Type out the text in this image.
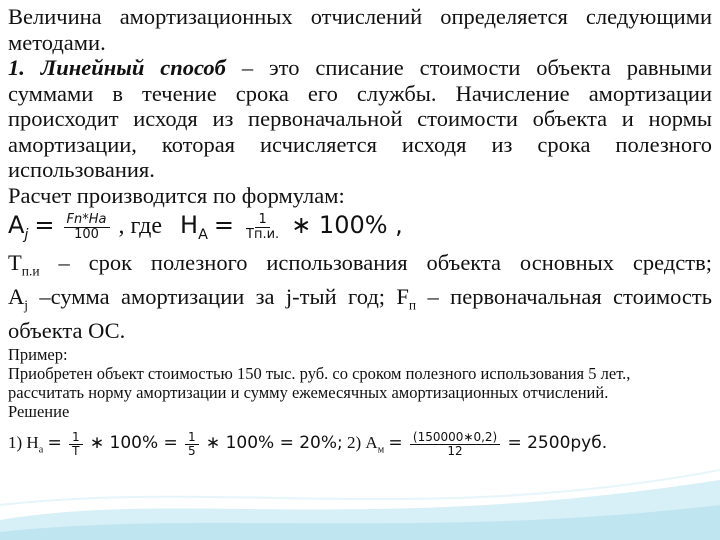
Величина амортизационных отчислений определяется следующими

методами.

1. Линейный способ – это списание стоимости объекта равными

суммами в течение срока его службы. Начисление амортизации

происходит исходя из первоначальной стоимости объекта и нормы

амортизации, которая исчисляется исходя из срока полезного

использования.

Расчет производится по формулам:

$A_j = \frac{Fn*Ha}{100}$ , где $Н_A = \frac{1}{Тп.и.}$ ∗ 100% ,

$Т_{п.и}$ – срок полезного использования объекта основных средств;

$A_j$ –сумма амортизации за j-тый год; $F_п$ – первоначальная стоимость

объекта ОС.

Пример:

Приобретен объект стоимостью 150 тыс. руб. со сроком полезного использования 5 лет.,

рассчитать норму амортизации и сумму ежемесячных амортизационных отчислений.

Решение

1) $Н_а = \frac{1}{Т}$ ∗ $100\% = \frac{1}{5}$ ∗ 100% = 20%; 2) $А_м = \frac{(150000∗0,2)}{12} = 2500руб$.
